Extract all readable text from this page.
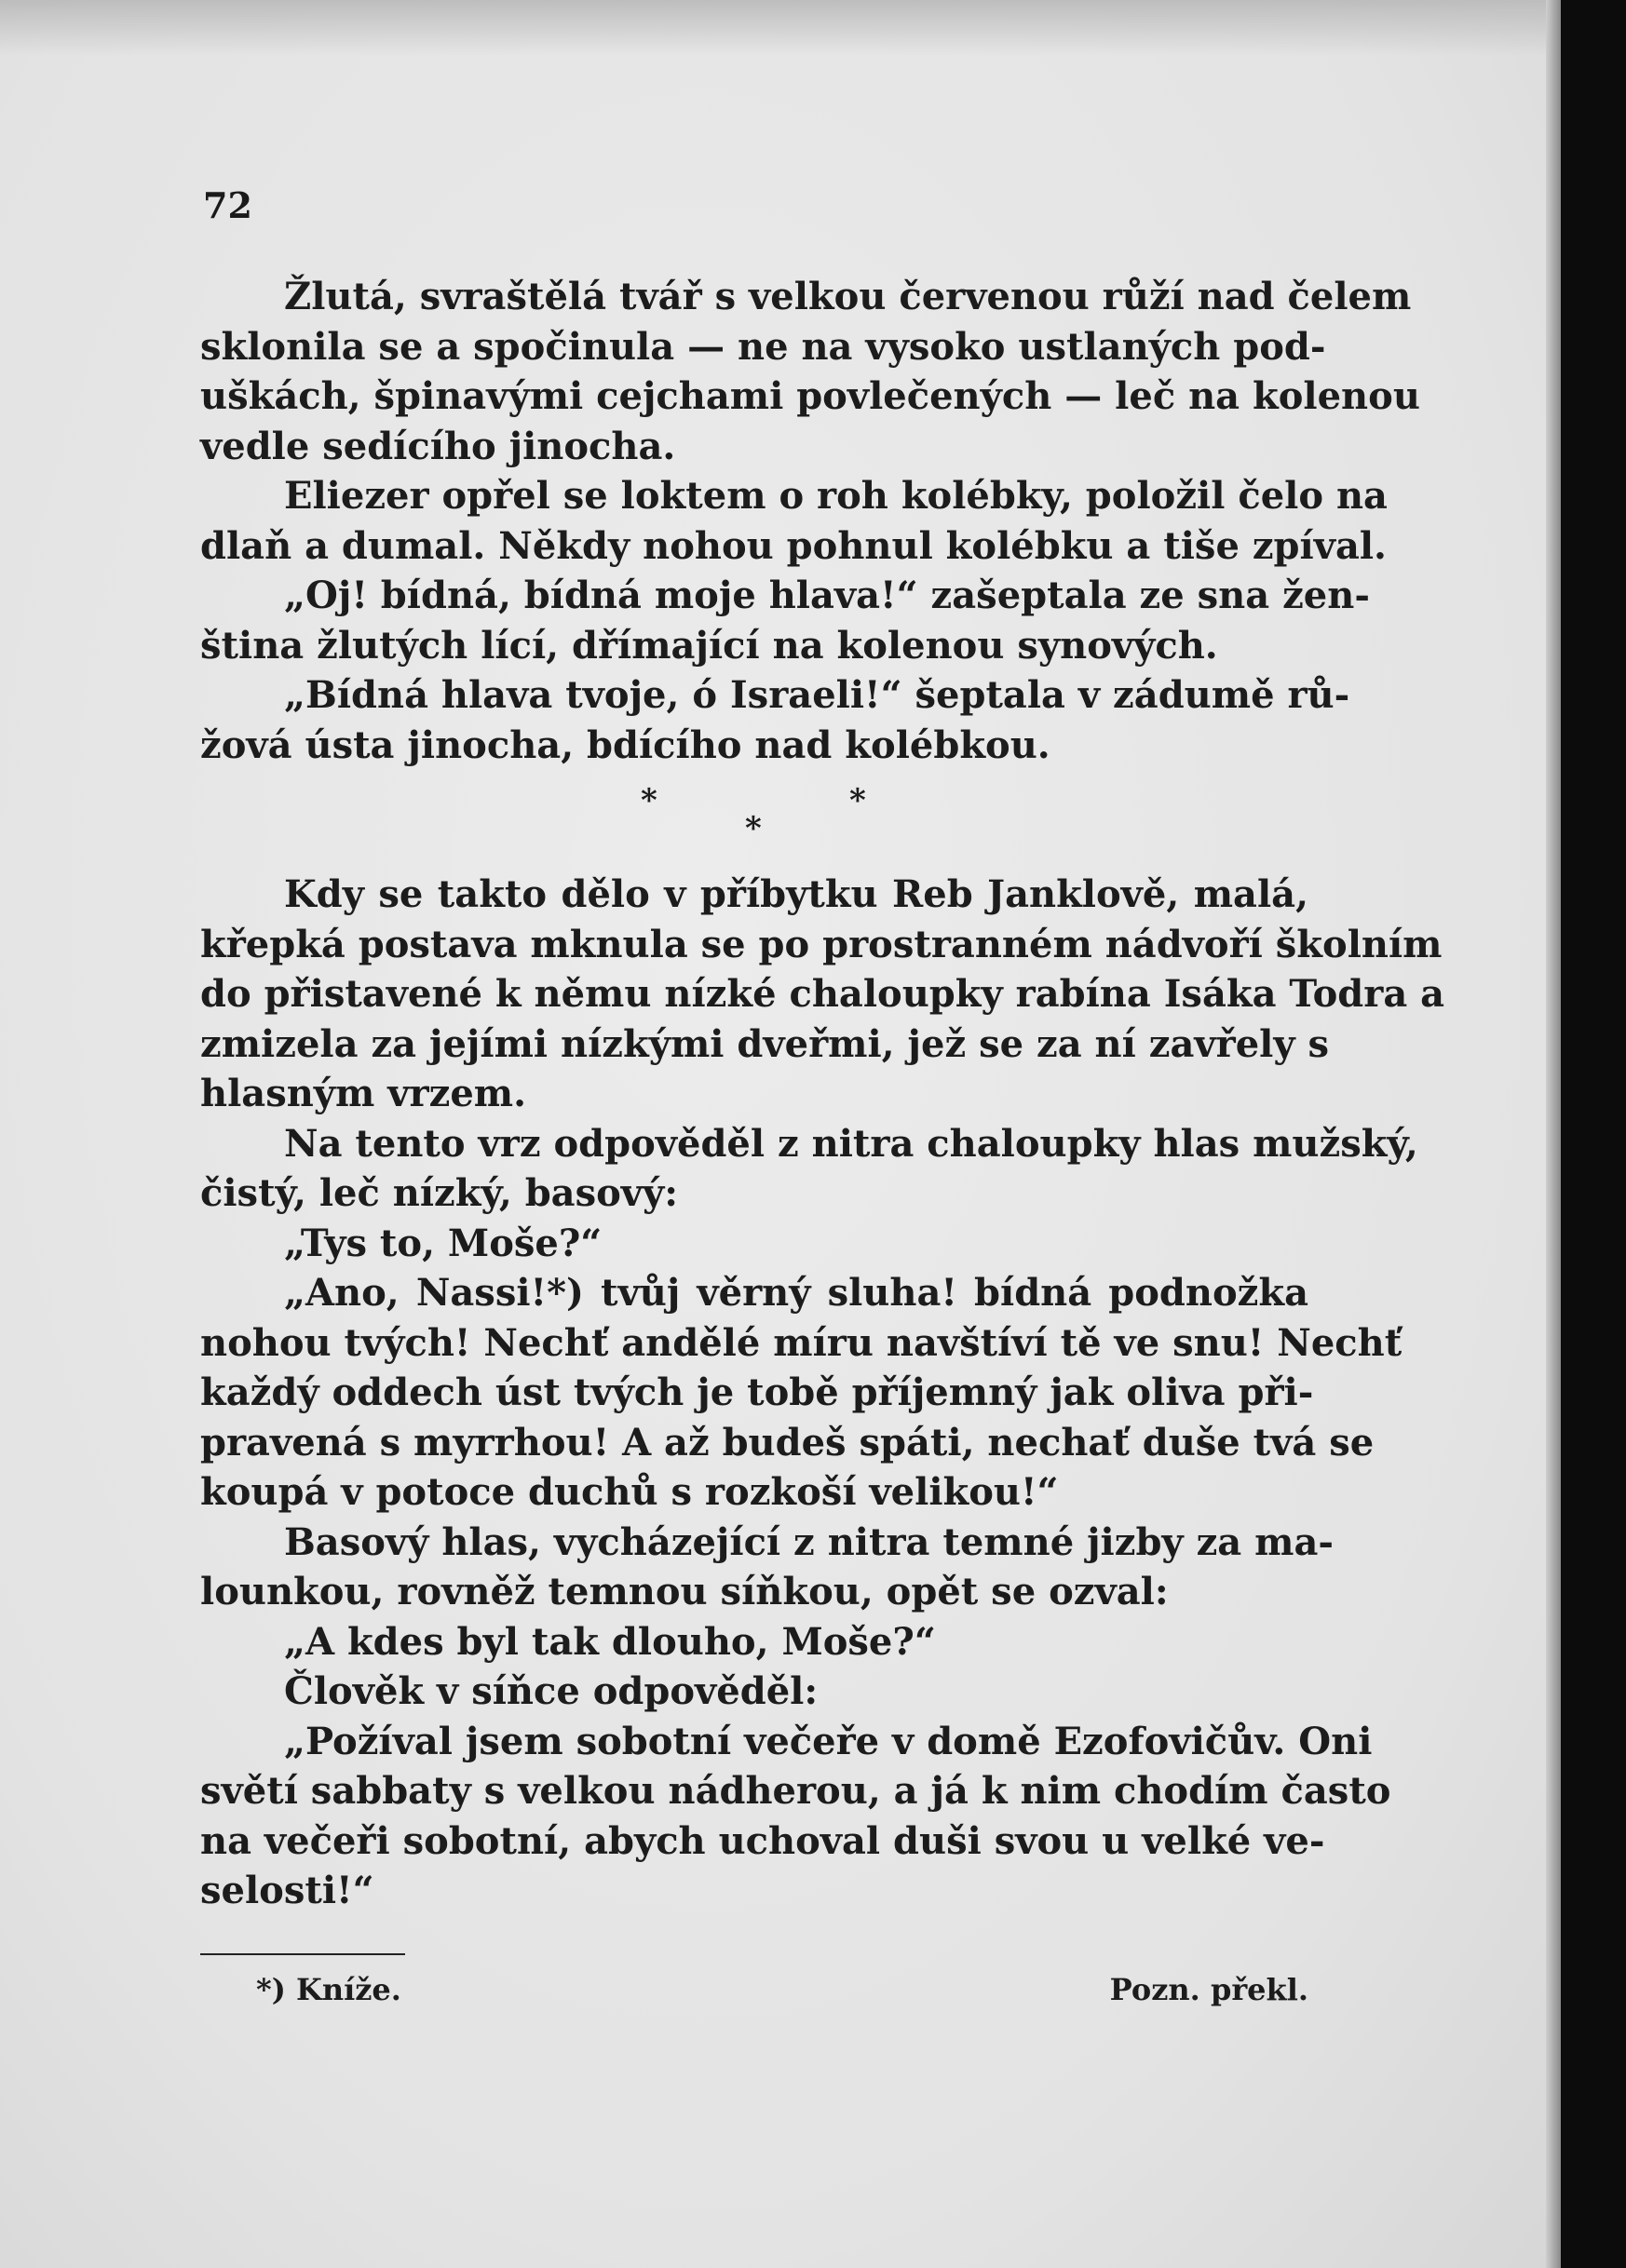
72
Žlutá, svraštělá tvář s velkou červenou růží nad čelem
sklonila se a spočinula — ne na vysoko ustlaných pod-
uškách, špinavými cejchami povlečených — leč na kolenou
vedle sedícího jinocha.
Eliezer opřel se loktem o roh kolébky, položil čelo na
dlaň a dumal. Někdy nohou pohnul kolébku a tiše zpíval.
„Oj! bídná, bídná moje hlava!“ zašeptala ze sna žen-
ština žlutých lící, dřímající na kolenou synových.
„Bídná hlava tvoje, ó Israeli!“ šeptala v zádumě rů-
žová ústa jinocha, bdícího nad kolébkou.
Kdy se takto dělo v příbytku Reb Janklově, malá,
křepká postava mknula se po prostranném nádvoří školním
do přistavené k němu nízké chaloupky rabína Isáka Todra a
zmizela za jejími nízkými dveřmi, jež se za ní zavřely s
hlasným vrzem.
Na tento vrz odpověděl z nitra chaloupky hlas mužský,
čistý, leč nízký, basový:
„Tys to, Moše?“
„Ano, Nassi!*) tvůj věrný sluha! bídná podnožka
nohou tvých! Nechť andělé míru navštíví tě ve snu! Nechť
každý oddech úst tvých je tobě příjemný jak oliva při-
pravená s myrrhou! A až budeš spáti, nechať duše tvá se
koupá v potoce duchů s rozkoší velikou!“
Basový hlas, vycházející z nitra temné jizby za ma-
lounkou, rovněž temnou síňkou, opět se ozval:
„A kdes byl tak dlouho, Moše?“
Člověk v síňce odpověděl:
„Požíval jsem sobotní večeře v domě Ezofovičův. Oni
světí sabbaty s velkou nádherou, a já k nim chodím často
na večeři sobotní, abych uchoval duši svou u velké ve-
selosti!“
*	*
*
*) Kníže.	Pozn. překl.
